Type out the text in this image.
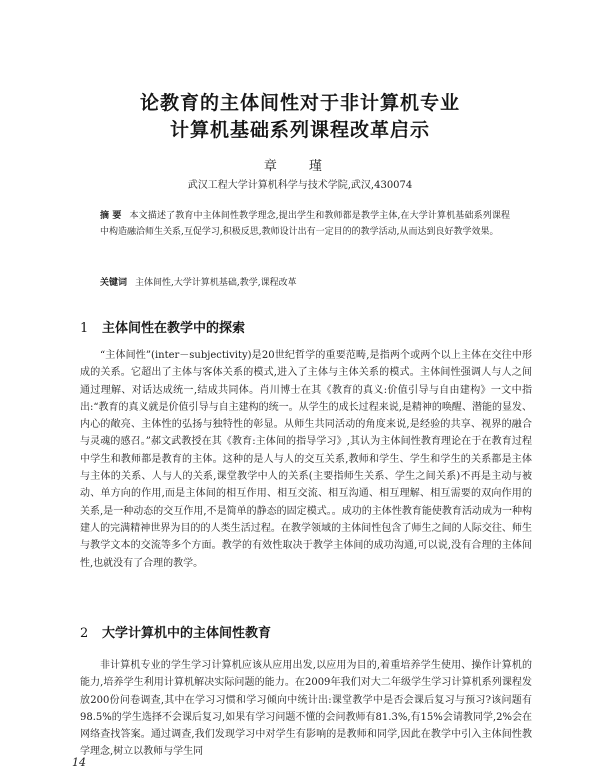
论教育的主体间性对于非计算机专业
计算机基础系列课程改革启示
章 瑾
武汉工程大学计算机科学与技术学院,武汉,430074
摘 要 本文描述了教育中主体间性教学理念,提出学生和教师都是教学主体,在大学计算机基础系列课程中构造融洽师生关系,互促学习,积极反思,教师设计出有一定目的的教学活动,从而达到良好教学效果。
关键词 主体间性,大学计算机基础,教学,课程改革
1 主体间性在教学中的探索
“主体间性”(inter－subjectivity)是20世纪哲学的重要范畴,是指两个或两个以上主体在交往中形成的关系。它超出了主体与客体关系的模式,进入了主体与主体关系的模式。主体间性强调人与人之间通过理解、对话达成统一,结成共同体。肖川博士在其《教育的真义:价值引导与自由建构》一文中指出:“教育的真义就是价值引导与自主建构的统一。从学生的成长过程来说,是精神的唤醒、潜能的显发、内心的敞亮、主体性的弘扬与独特性的彰显。从师生共同活动的角度来说,是经验的共享、视界的融合与灵魂的感召。”郝文武教授在其《教育:主体间的指导学习》,其认为主体间性教育理论在于在教育过程中学生和教师都是教育的主体。这种的是人与人的交互关系,教师和学生、学生和学生的关系都是主体与主体的关系、人与人的关系,课堂教学中人的关系(主要指师生关系、学生之间关系)不再是主动与被动、单方向的作用,而是主体间的相互作用、相互交流、相互沟通、相互理解、相互需要的双向作用的关系,是一种动态的交互作用,不是简单的静态的固定模式。。成功的主体性教育能使教育活动成为一种构建人的完满精神世界为目的的人类生活过程。在教学领域的主体间性包含了师生之间的人际交往、师生与教学文本的交流等多个方面。教学的有效性取决于教学主体间的成功沟通,可以说,没有合理的主体间性,也就没有了合理的教学。
2 大学计算机中的主体间性教育
非计算机专业的学生学习计算机应该从应用出发,以应用为目的,着重培养学生使用、操作计算机的能力,培养学生利用计算机解决实际问题的能力。在2009年我们对大二年级学生学习计算机系列课程发放200份问卷调查,其中在学习习惯和学习倾向中统计出:课堂教学中是否会课后复习与预习?该问题有98.5%的学生选择不会课后复习,如果有学习问题不懂的会问教师有81.3%,有15%会请教同学,2%会在网络查找答案。通过调查,我们发现学习中对学生有影响的是教师和同学,因此在教学中引入主体间性教学理念,树立以教师与学生同
14
